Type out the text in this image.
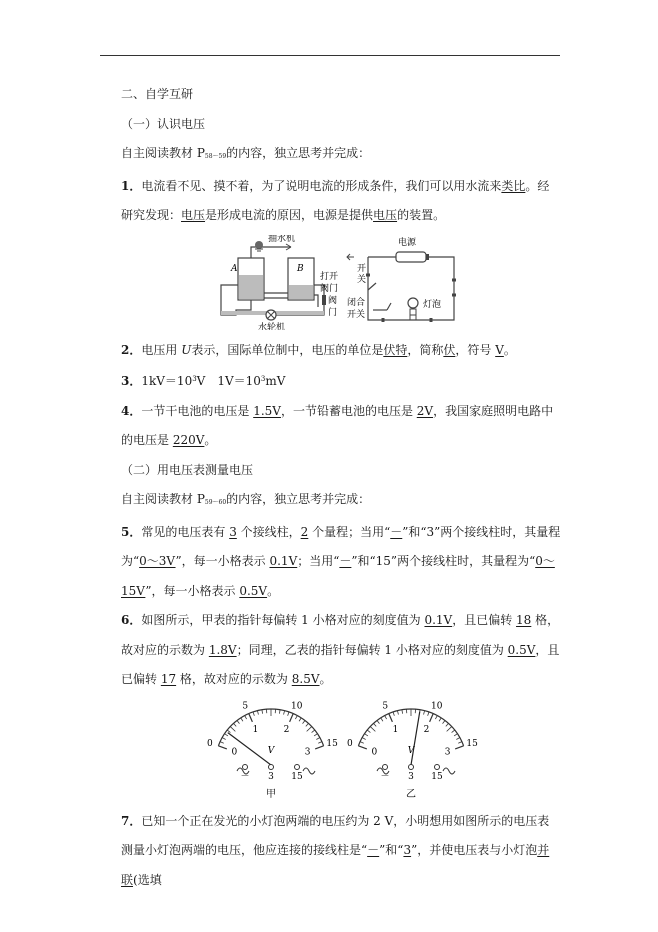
二、自学互研

（一）认识电压

自主阅读教材 P58～59的内容，独立思考并完成：

1．电流看不见、摸不着，为了说明电流的形成条件，我们可以用水流来类比。经研究发现：电压是形成电流的原因，电源是提供电压的装置。

抽水机
A	B
打开
阀门
阀
门
水轮机
电源
开
关
闭合
开关
灯泡

2．电压用 U表示，国际单位制中，电压的单位是伏特，简称伏，符号 V。

3．$1kV=10^3V$　$1V=10^3mV$

4．一节干电池的电压是 1.5V，一节铅蓄电池的电压是 2V，我国家庭照明电路中的电压是 220V。

（二）用电压表测量电压

自主阅读教材 P59～60的内容，独立思考并完成：

5．常见的电压表有 3 个接线柱，2 个量程；当用“－”和“3”两个接线柱时，其量程为“0～3V”，每一小格表示 0.1V；当用“－”和“15”两个接线柱时，其量程为“0～15V”，每一小格表示 0.5V。

6．如图所示，甲表的指针每偏转 1 小格对应的刻度值为 0.1V，且已偏转 18 格，故对应的示数为 1.8V；同理，乙表的指针每偏转 1 小格对应的刻度值为 0.5V，且已偏转 17 格，故对应的示数为 8.5V。

0
5	10
15
0
1	2
3
V
－ 3 15
甲
0
5	10
15
0
1	2
3
V
－ 3 15
乙

7．已知一个正在发光的小灯泡两端的电压约为 2 V，小明想用如图所示的电压表测量小灯泡两端的电压，他应连接的接线柱是“－”和“3”，并使电压表与小灯泡并联(选填
